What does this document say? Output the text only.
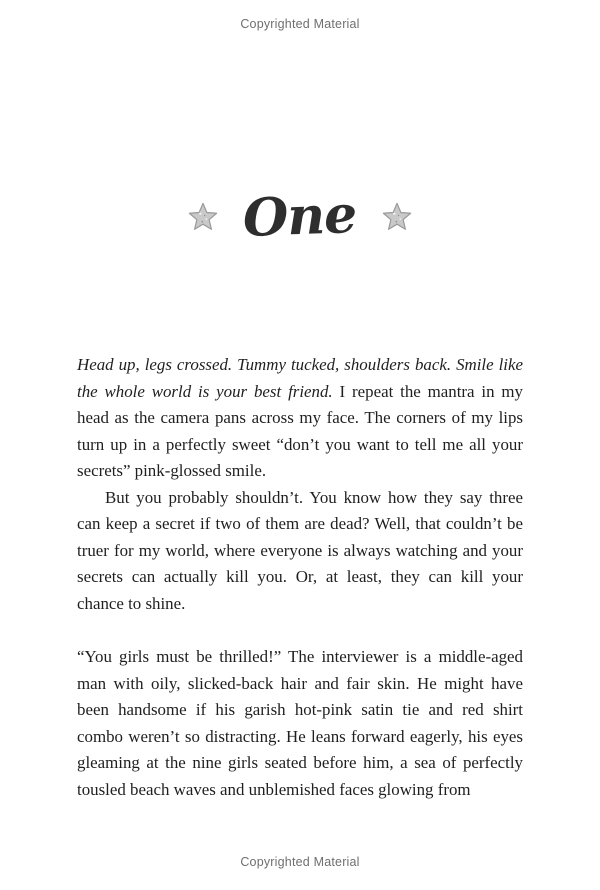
Copyrighted Material
One

Head up, legs crossed. Tummy tucked, shoulders back. Smile like the whole world is your best friend. I repeat the mantra in my head as the camera pans across my face. The corners of my lips turn up in a perfectly sweet “don’t you want to tell me all your secrets” pink-glossed smile.

But you probably shouldn’t. You know how they say three can keep a secret if two of them are dead? Well, that couldn’t be truer for my world, where everyone is always watching and your secrets can actually kill you. Or, at least, they can kill your chance to shine.

“You girls must be thrilled!” The interviewer is a middle-aged man with oily, slicked-back hair and fair skin. He might have been handsome if his garish hot-pink satin tie and red shirt combo weren’t so distracting. He leans forward eagerly, his eyes gleaming at the nine girls seated before him, a sea of perfectly tousled beach waves and unblemished faces glowing from

Copyrighted Material
